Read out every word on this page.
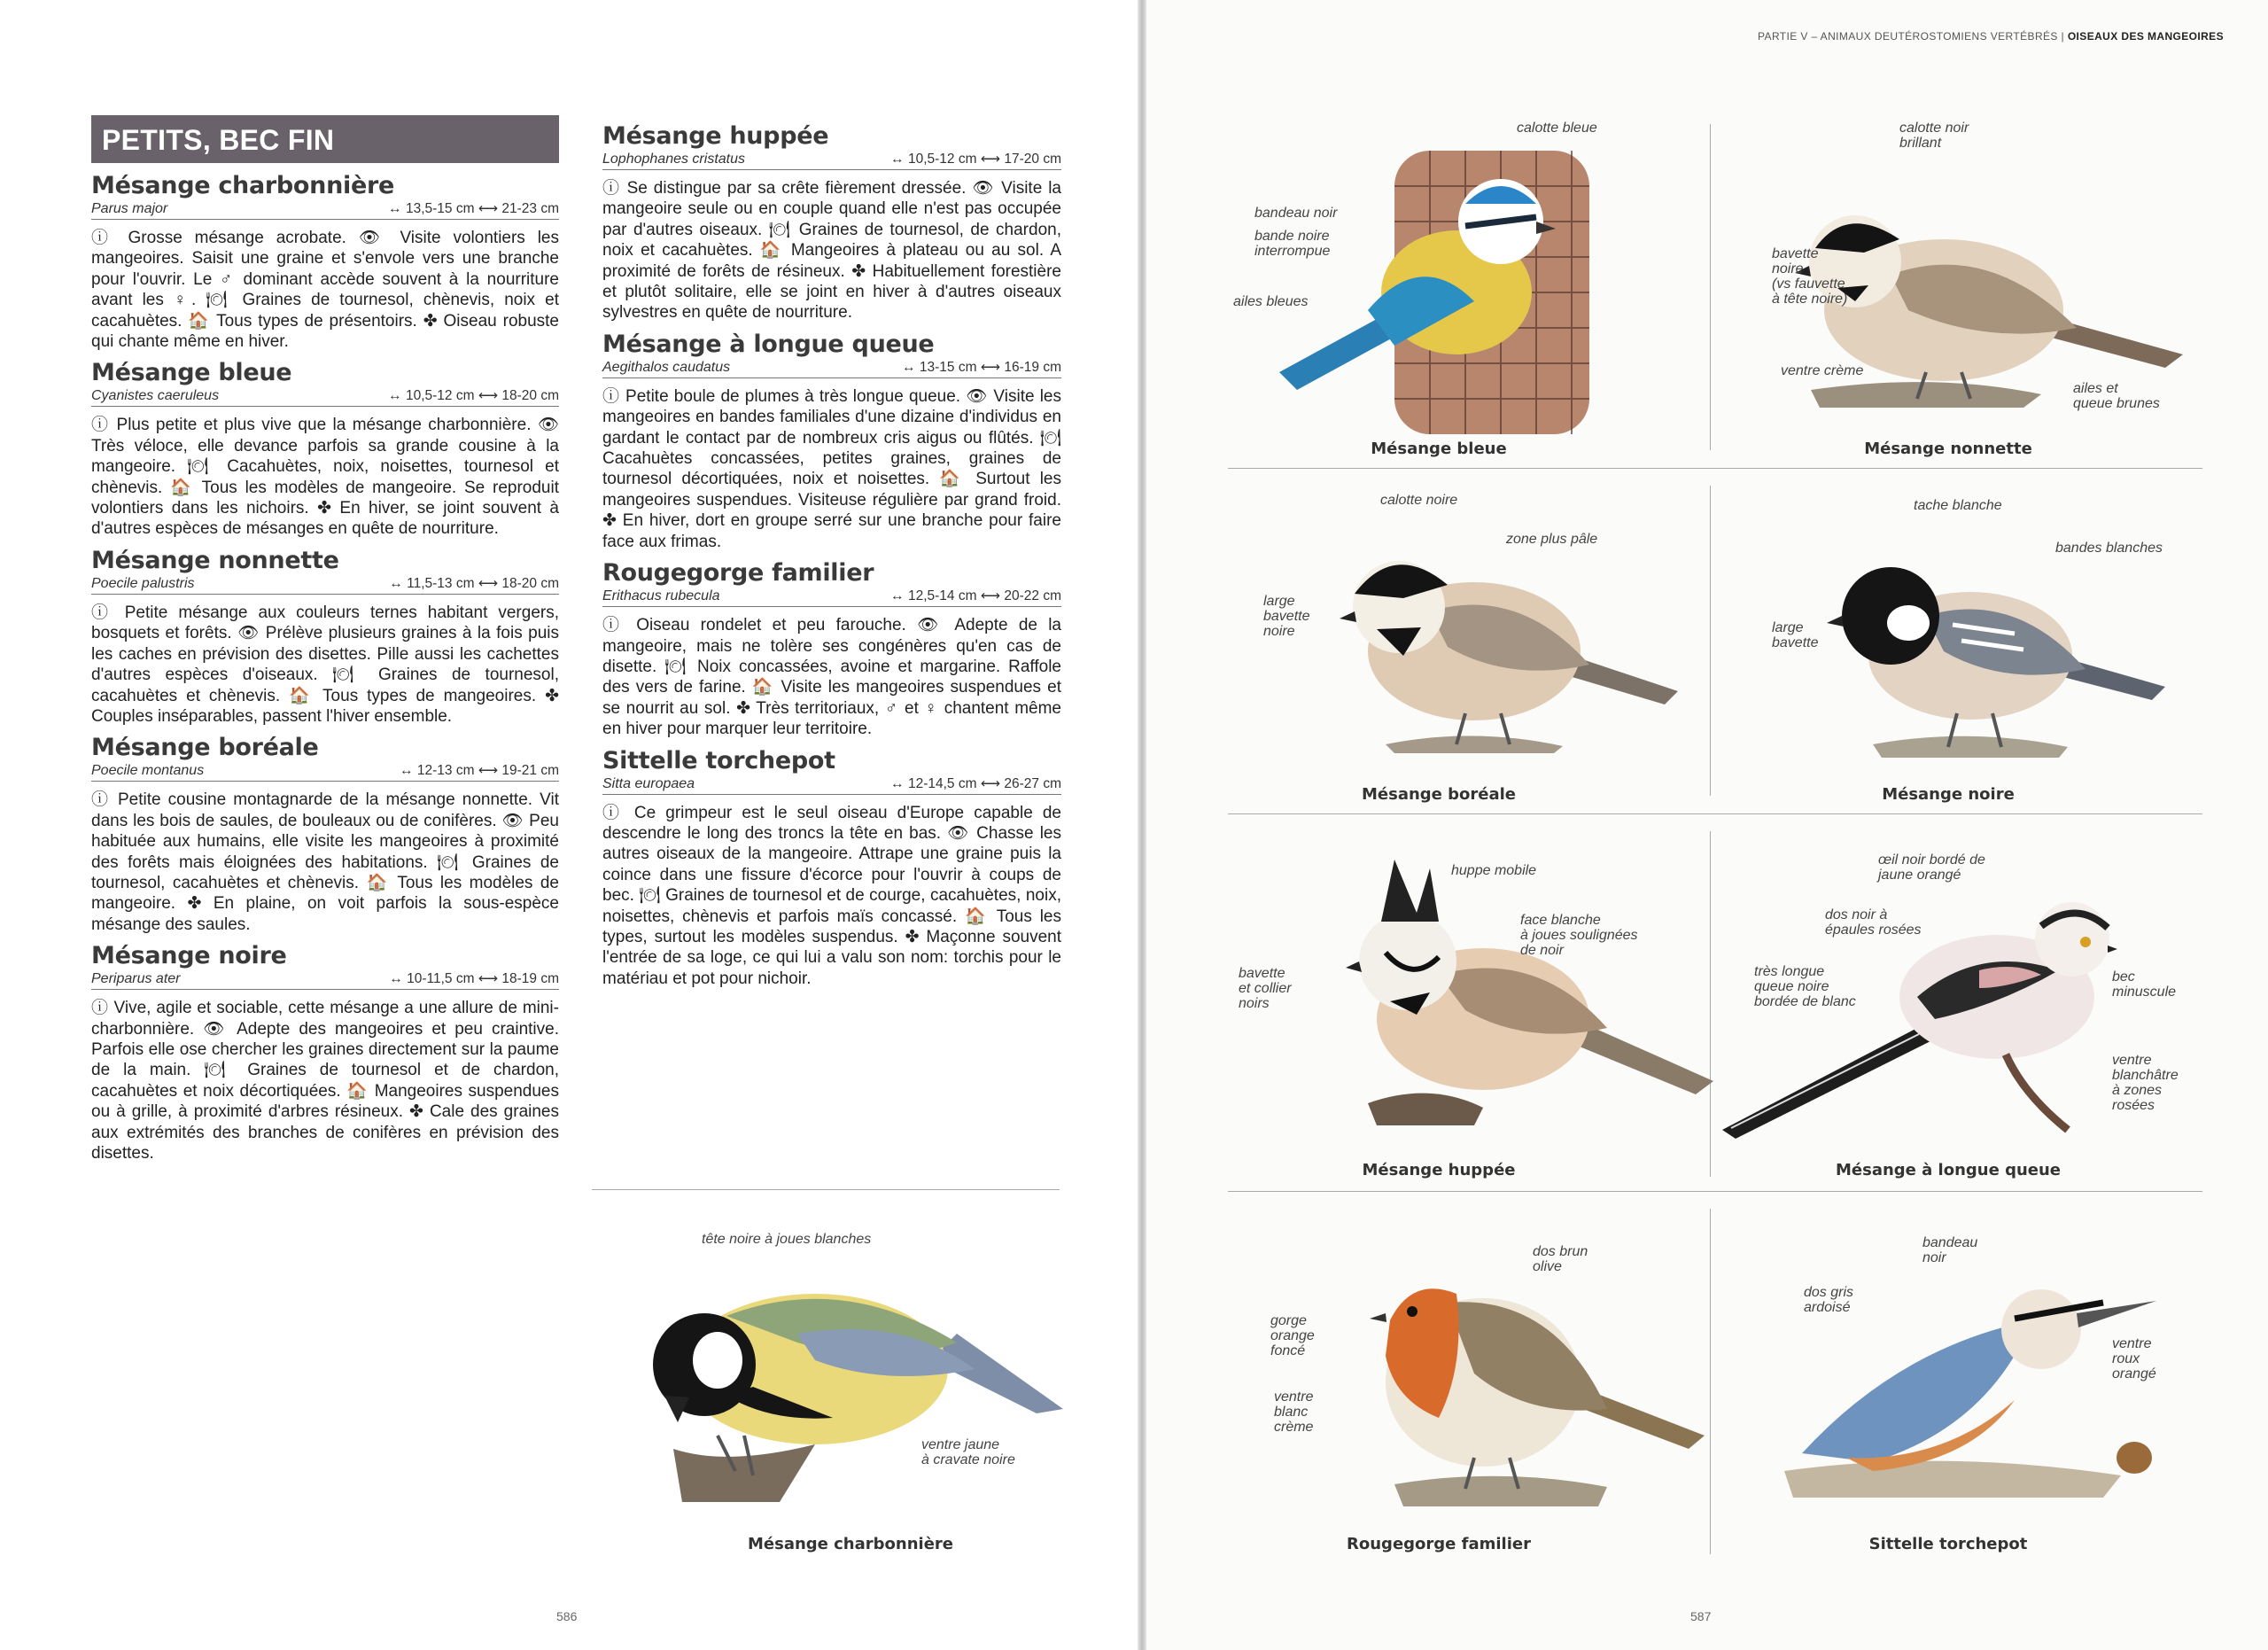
PETITS, BEC FIN
Mésange charbonnière
Parus major	↔ 13,5-15 cm ⟷ 21-23 cm

ⓘ Grosse mésange acrobate. 👁 Visite volontiers les mangeoires. Saisit une graine et s'envole vers une branche pour l'ouvrir. Le ♂ dominant accède souvent à la nourriture avant les ♀. 🍽 Graines de tournesol, chènevis, noix et cacahuètes. 🏠 Tous types de présentoirs. ✤ Oiseau robuste qui chante même en hiver.

Mésange bleue
Cyanistes caeruleus	↔ 10,5-12 cm ⟷ 18-20 cm

ⓘ Plus petite et plus vive que la mésange charbonnière. 👁 Très véloce, elle devance parfois sa grande cousine à la mangeoire. 🍽 Cacahuètes, noix, noisettes, tournesol et chènevis. 🏠 Tous les modèles de mangeoire. Se reproduit volontiers dans les nichoirs. ✤ En hiver, se joint souvent à d'autres espèces de mésanges en quête de nourriture.

Mésange nonnette
Poecile palustris	↔ 11,5-13 cm ⟷ 18-20 cm

ⓘ Petite mésange aux couleurs ternes habitant vergers, bosquets et forêts. 👁 Prélève plusieurs graines à la fois puis les caches en prévision des disettes. Pille aussi les cachettes d'autres espèces d'oiseaux. 🍽 Graines de tournesol, cacahuètes et chènevis. 🏠 Tous types de mangeoires. ✤ Couples inséparables, passent l'hiver ensemble.

Mésange boréale
Poecile montanus	↔ 12-13 cm ⟷ 19-21 cm

ⓘ Petite cousine montagnarde de la mésange nonnette. Vit dans les bois de saules, de bouleaux ou de conifères. 👁 Peu habituée aux humains, elle visite les mangeoires à proximité des forêts mais éloignées des habitations. 🍽 Graines de tournesol, cacahuètes et chènevis. 🏠 Tous les modèles de mangeoire. ✤ En plaine, on voit parfois la sous-espèce mésange des saules.

Mésange noire
Periparus ater	↔ 10-11,5 cm ⟷ 18-19 cm

ⓘ Vive, agile et sociable, cette mésange a une allure de mini-charbonnière. 👁 Adepte des mangeoires et peu craintive. Parfois elle ose chercher les graines directement sur la paume de la main. 🍽 Graines de tournesol et de chardon, cacahuètes et noix décortiquées. 🏠 Mangeoires suspendues ou à grille, à proximité d'arbres résineux. ✤ Cale des graines aux extrémités des branches de conifères en prévision des disettes.

Mésange huppée
Lophophanes cristatus	↔ 10,5-12 cm ⟷ 17-20 cm

ⓘ Se distingue par sa crête fièrement dressée. 👁 Visite la mangeoire seule ou en couple quand elle n'est pas occupée par d'autres oiseaux. 🍽 Graines de tournesol, de chardon, noix et cacahuètes. 🏠 Mangeoires à plateau ou au sol. A proximité de forêts de résineux. ✤ Habituellement forestière et plutôt solitaire, elle se joint en hiver à d'autres oiseaux sylvestres en quête de nourriture.

Mésange à longue queue
Aegithalos caudatus	↔ 13-15 cm ⟷ 16-19 cm

ⓘ Petite boule de plumes à très longue queue. 👁 Visite les mangeoires en bandes familiales d'une dizaine d'individus en gardant le contact par de nombreux cris aigus ou flûtés. 🍽 Cacahuètes concassées, petites graines, graines de tournesol décortiquées, noix et noisettes. 🏠 Surtout les mangeoires suspendues. Visiteuse régulière par grand froid. ✤ En hiver, dort en groupe serré sur une branche pour faire face aux frimas.

Rougegorge familier
Erithacus rubecula	↔ 12,5-14 cm ⟷ 20-22 cm

ⓘ Oiseau rondelet et peu farouche. 👁 Adepte de la mangeoire, mais ne tolère ses congénères qu'en cas de disette. 🍽 Noix concassées, avoine et margarine. Raffole des vers de farine. 🏠 Visite les mangeoires suspendues et se nourrit au sol. ✤ Très territoriaux, ♂ et ♀ chantent même en hiver pour marquer leur territoire.

Sittelle torchepot
Sitta europaea	↔ 12-14,5 cm ⟷ 26-27 cm

ⓘ Ce grimpeur est le seul oiseau d'Europe capable de descendre le long des troncs la tête en bas. 👁 Chasse les autres oiseaux de la mangeoire. Attrape une graine puis la coince dans une fissure d'écorce pour l'ouvrir à coups de bec. 🍽 Graines de tournesol et de courge, cacahuètes, noix, noisettes, chènevis et parfois maïs concassé. 🏠 Tous les types, surtout les modèles suspendus. ✤ Maçonne souvent l'entrée de sa loge, ce qui lui a valu son nom: torchis pour le matériau et pot pour nichoir.

tête noire à joues blanches
ventre jaune
à cravate noire
Mésange charbonnière
586
PARTIE V – ANIMAUX DEUTÉROSTOMIENS VERTÉBRÉS | OISEAUX DES MANGEOIRES
calotte bleue
bandeau noir
bande noire
interrompue
ailes bleues
Mésange bleue
calotte noir
brillant
bavette
noire
(vs fauvette
à tête noire)
ventre crème
ailes et
queue brunes
Mésange nonnette
calotte noire
zone plus pâle
large
bavette
noire
Mésange boréale
tache blanche
bandes blanches
large
bavette
Mésange noire
huppe mobile
face blanche
à joues soulignées
de noir
bavette
et collier
noirs
Mésange huppée
œil noir bordé de
jaune orangé
dos noir à
épaules rosées
très longue
queue noire
bordée de blanc
bec
minuscule
ventre
blanchâtre
à zones
rosées
Mésange à longue queue
dos brun
olive
gorge
orange
foncé
ventre
blanc
crème
Rougegorge familier
bandeau
noir
dos gris
ardoisé
ventre
roux
orangé
Sittelle torchepot
587
